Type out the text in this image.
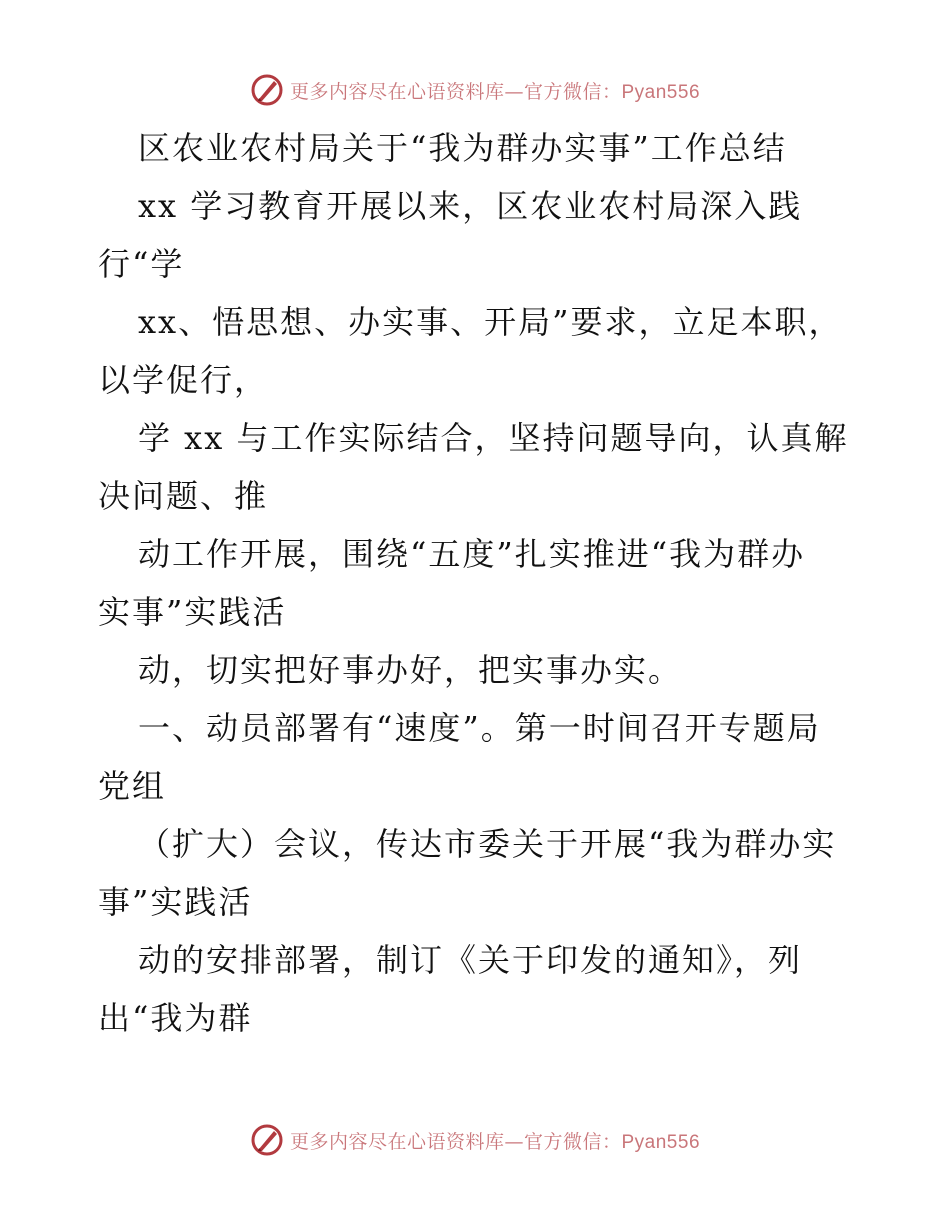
更多内容尽在心语资料库—官方微信：Pyan556
区农业农村局关于“我为群办实事”工作总结
xx 学习教育开展以来，区农业农村局深入践
行“学
xx、悟思想、办实事、开局”要求，立足本职，
以学促行，
学 xx 与工作实际结合，坚持问题导向，认真解
决问题、推
动工作开展，围绕“五度”扎实推进“我为群办
实事”实践活
动，切实把好事办好，把实事办实。
一、动员部署有“速度”。第一时间召开专题局
党组
（扩大）会议，传达市委关于开展“我为群办实
事”实践活
动的安排部署，制订《关于印发的通知》，列
出“我为群
更多内容尽在心语资料库—官方微信：Pyan556
